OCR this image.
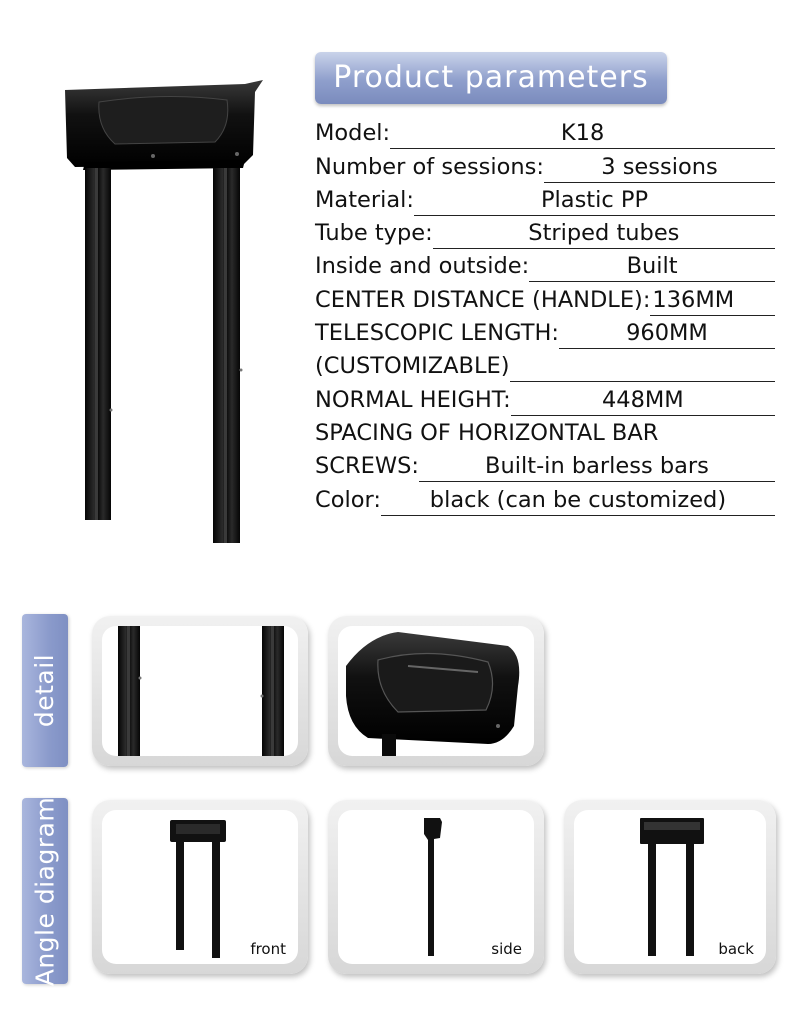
Product parameters
Model:	K18
Number of sessions:	3 sessions
Material:	Plastic PP
Tube type:	Striped tubes
Inside and outside:	Built
CENTER DISTANCE (HANDLE): 136MM
TELESCOPIC LENGTH:	960MM
(CUSTOMIZABLE)
NORMAL HEIGHT:	448MM
SPACING OF HORIZONTAL BAR
SCREWS:	Built-in barless bars
Color:	black (can be customized)
detail
Angle diagram	front	side	back
